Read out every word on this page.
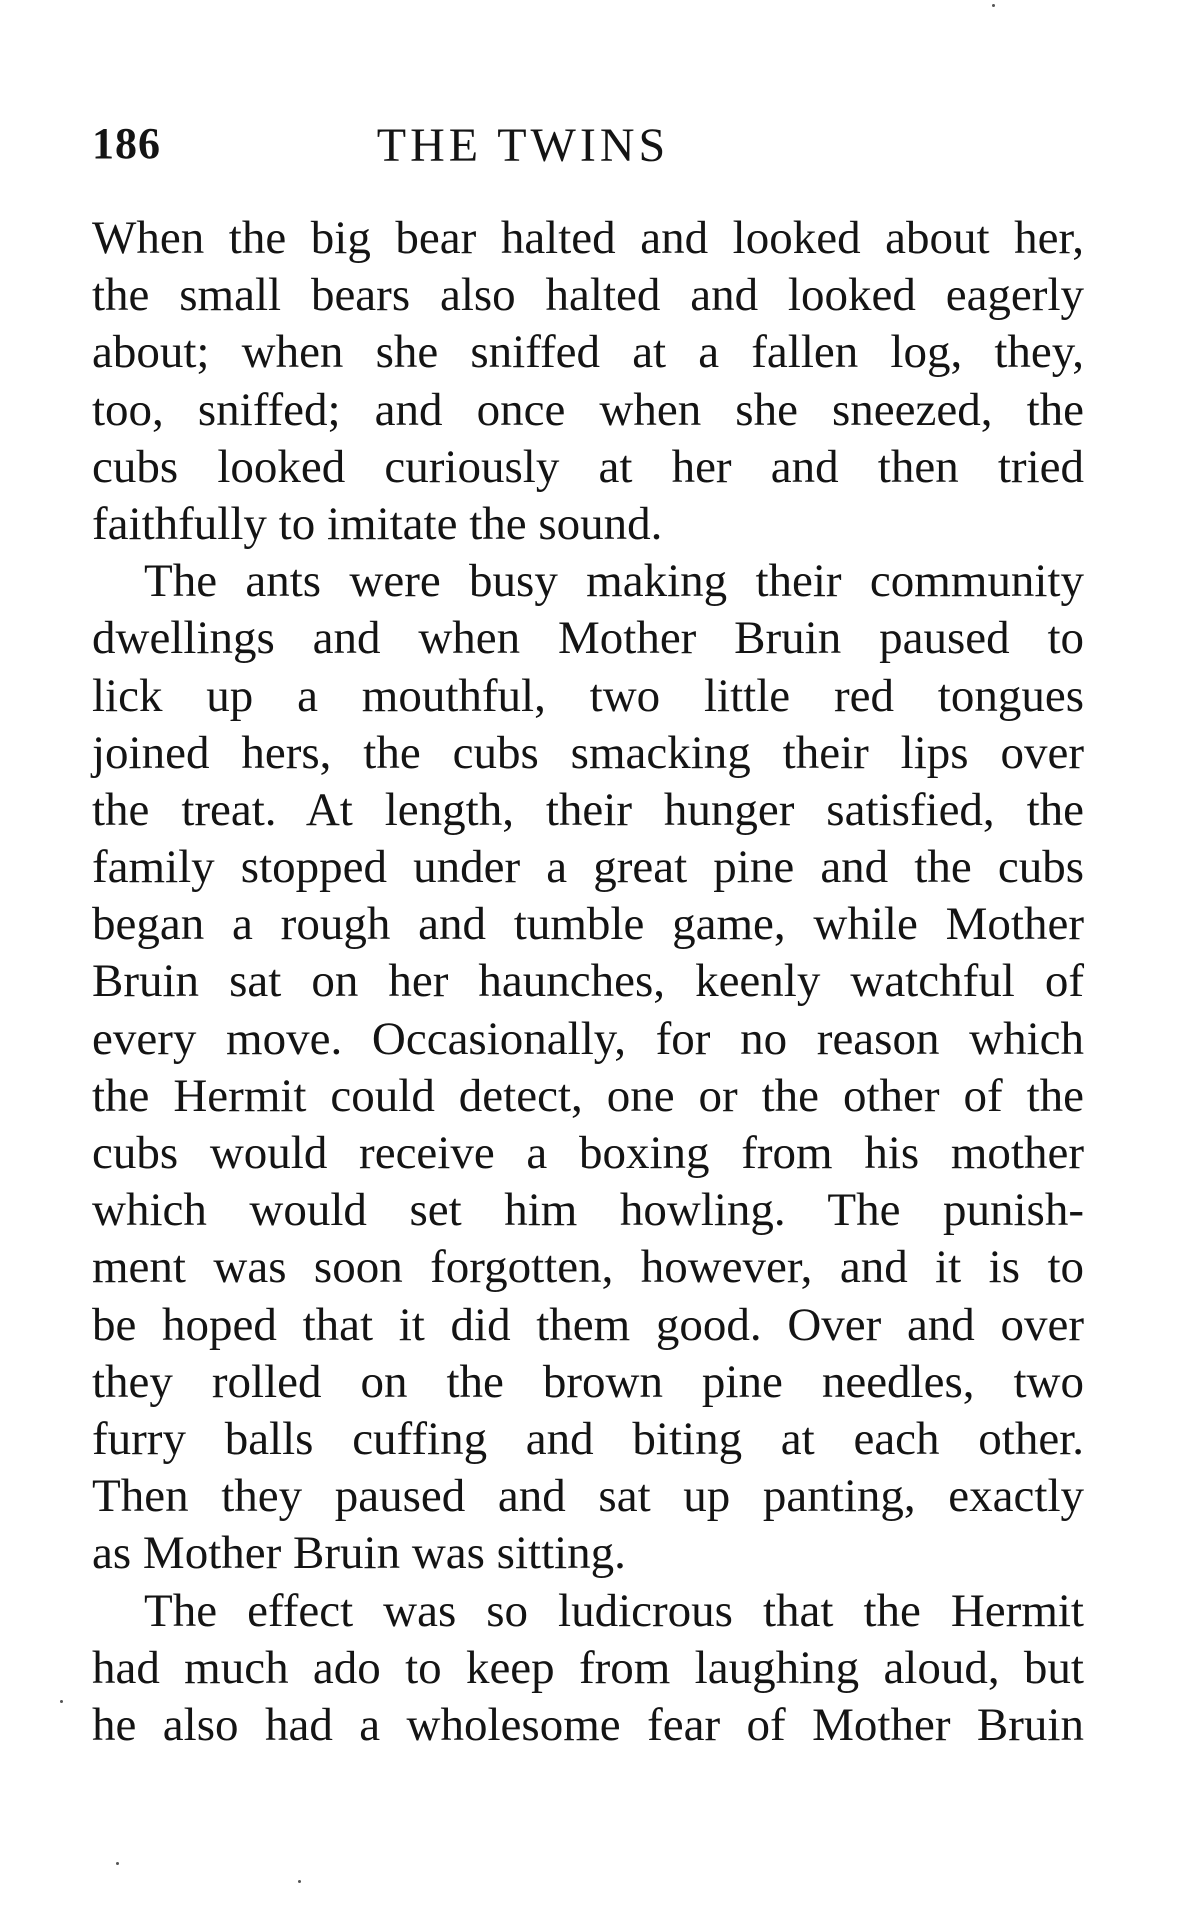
186	THE TWINS

When the big bear halted and looked about her,
the small bears also halted and looked eagerly
about; when she sniffed at a fallen log, they,
too, sniffed; and once when she sneezed, the
cubs looked curiously at her and then tried
faithfully to imitate the sound.

The ants were busy making their community
dwellings and when Mother Bruin paused to
lick up a mouthful, two little red tongues
joined hers, the cubs smacking their lips over
the treat. At length, their hunger satisfied, the
family stopped under a great pine and the cubs
began a rough and tumble game, while Mother
Bruin sat on her haunches, keenly watchful of
every move. Occasionally, for no reason which
the Hermit could detect, one or the other of the
cubs would receive a boxing from his mother
which would set him howling. The punish-
ment was soon forgotten, however, and it is to
be hoped that it did them good. Over and over
they rolled on the brown pine needles, two
furry balls cuffing and biting at each other.
Then they paused and sat up panting, exactly
as Mother Bruin was sitting.

The effect was so ludicrous that the Hermit
had much ado to keep from laughing aloud, but
he also had a wholesome fear of Mother Bruin
